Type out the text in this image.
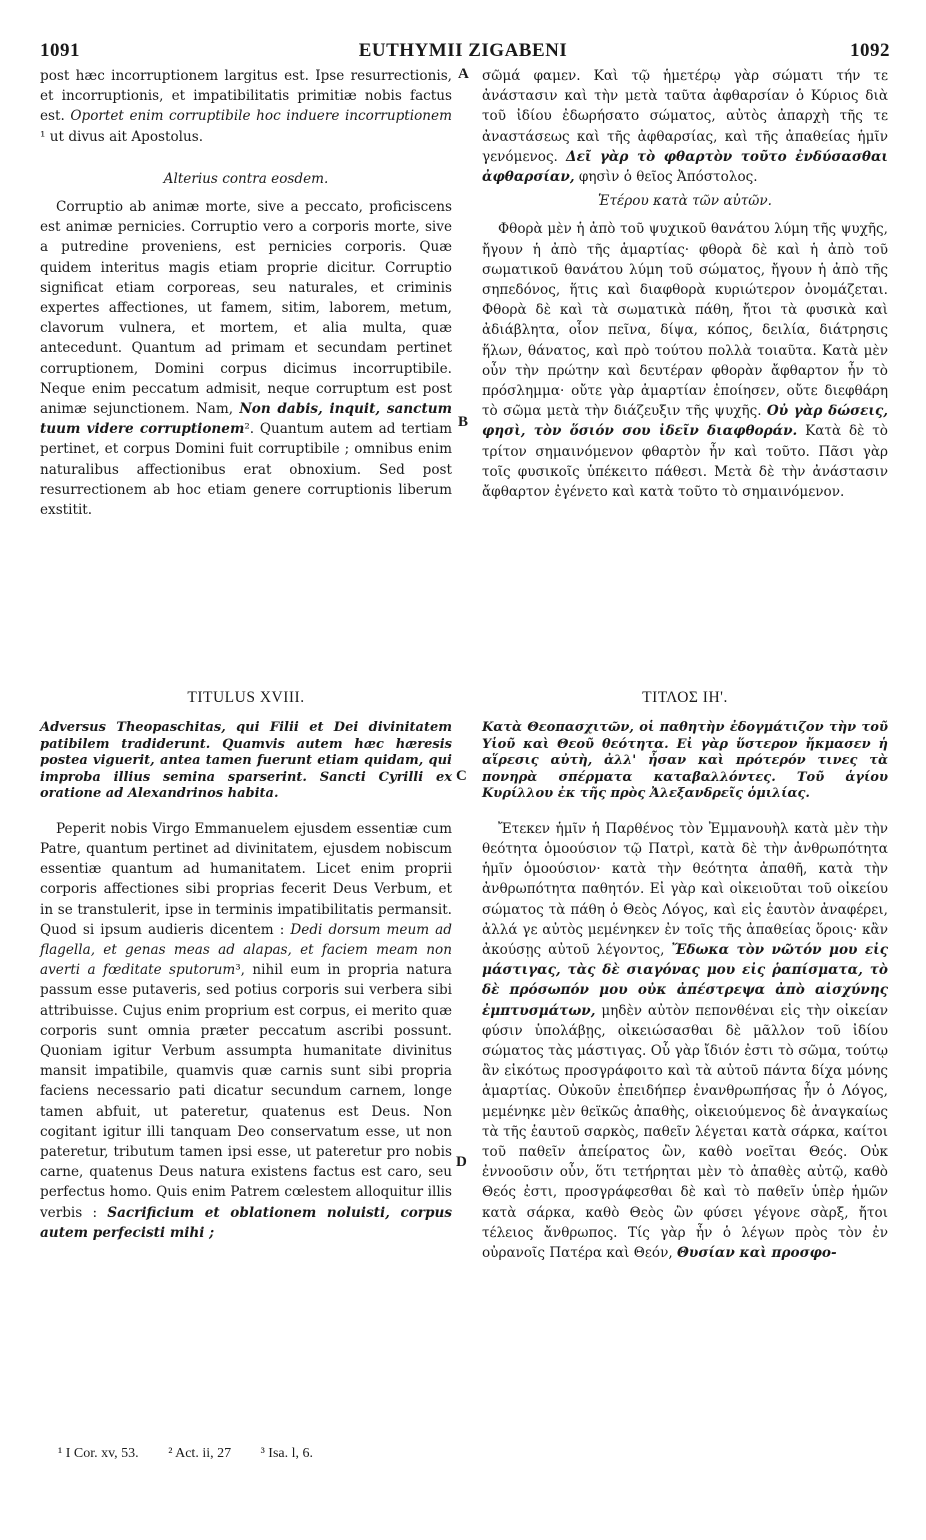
1091	EUTHYMII ZIGABENI	1092
A
B
C
D

post hæc incorruptionem largitus est. Ipse resurrectionis, et incorruptionis, et impatibilitatis primitiæ nobis factus est. Oportet enim corruptibile hoc induere incorruptionem ¹ ut divus ait Apostolus.

Alterius contra eosdem.

Corruptio ab animæ morte, sive a peccato, proficiscens est animæ pernicies. Corruptio vero a corporis morte, sive a putredine proveniens, est pernicies corporis. Quæ quidem interitus magis etiam proprie dicitur. Corruptio significat etiam corporeas, seu naturales, et criminis expertes affectiones, ut famem, sitim, laborem, metum, clavorum vulnera, et mortem, et alia multa, quæ antecedunt. Quantum ad primam et secundam pertinet corruptionem, Domini corpus dicimus incorruptibile. Neque enim peccatum admisit, neque corruptum est post animæ sejunctionem. Nam, Non dabis, inquit, sanctum tuum videre corruptionem². Quantum autem ad tertiam pertinet, et corpus Domini fuit corruptibile ; omnibus enim naturalibus affectionibus erat obnoxium. Sed post resurrectionem ab hoc etiam genere corruptionis liberum exstitit.

TITULUS XVIII.

Adversus Theopaschitas, qui Filii et Dei divinitatem patibilem tradiderunt. Quamvis autem hæc hæresis postea viguerit, antea tamen fuerunt etiam quidam, qui improba illius semina sparserint. Sancti Cyrilli ex oratione ad Alexandrinos habita.

Peperit nobis Virgo Emmanuelem ejusdem essentiæ cum Patre, quantum pertinet ad divinitatem, ejusdem nobiscum essentiæ quantum ad humanitatem. Licet enim proprii corporis affectiones sibi proprias fecerit Deus Verbum, et in se transtulerit, ipse in terminis impatibilitatis permansit. Quod si ipsum audieris dicentem : Dedi dorsum meum ad flagella, et genas meas ad alapas, et faciem meam non averti a fœditate sputorum³, nihil eum in propria natura passum esse putaveris, sed potius corporis sui verbera sibi attribuisse. Cujus enim proprium est corpus, ei merito quæ corporis sunt omnia præter peccatum ascribi possunt. Quoniam igitur Verbum assumpta humanitate divinitus mansit impatibile, quamvis quæ carnis sunt sibi propria faciens necessario pati dicatur secundum carnem, longe tamen abfuit, ut pateretur, quatenus est Deus. Non cogitant igitur illi tanquam Deo conservatum esse, ut non pateretur, tributum tamen ipsi esse, ut pateretur pro nobis carne, quatenus Deus natura existens factus est caro, seu perfectus homo. Quis enim Patrem cœlestem alloquitur illis verbis : Sacrificium et oblationem noluisti, corpus autem perfecisti mihi ;

σῶμά φαμεν. Καὶ τῷ ἡμετέρῳ γὰρ σώματι τήν τε ἀνάστασιν καὶ τὴν μετὰ ταῦτα ἀφθαρσίαν ὁ Κύριος διὰ τοῦ ἰδίου ἐδωρήσατο σώματος, αὐτὸς ἀπαρχὴ τῆς τε ἀναστάσεως καὶ τῆς ἀφθαρσίας, καὶ τῆς ἀπαθείας ἡμῖν γενόμενος. Δεῖ γὰρ τὸ φθαρτὸν τοῦτο ἐνδύσασθαι ἀφθαρσίαν, φησὶν ὁ θεῖος Ἀπόστολος.

Ἑτέρου κατὰ τῶν αὐτῶν.

Φθορὰ μὲν ἡ ἀπὸ τοῦ ψυχικοῦ θανάτου λύμη τῆς ψυχῆς, ἤγουν ἡ ἀπὸ τῆς ἁμαρτίας· φθορὰ δὲ καὶ ἡ ἀπὸ τοῦ σωματικοῦ θανάτου λύμη τοῦ σώματος, ἤγουν ἡ ἀπὸ τῆς σηπεδόνος, ἥτις καὶ διαφθορὰ κυριώτερον ὀνομάζεται. Φθορὰ δὲ καὶ τὰ σωματικὰ πάθη, ἤτοι τὰ φυσικὰ καὶ ἀδιάβλητα, οἷον πεῖνα, δίψα, κόπος, δειλία, διάτρησις ἥλων, θάνατος, καὶ πρὸ τούτου πολλὰ τοιαῦτα. Κατὰ μὲν οὖν τὴν πρώτην καὶ δευτέραν φθορὰν ἄφθαρτον ἦν τὸ πρόσλημμα· οὔτε γὰρ ἁμαρτίαν ἐποίησεν, οὔτε διεφθάρη τὸ σῶμα μετὰ τὴν διάζευξιν τῆς ψυχῆς. Οὐ γὰρ δώσεις, φησὶ, τὸν ὅσιόν σου ἰδεῖν διαφθοράν. Κατὰ δὲ τὸ τρίτον σημαινόμενον φθαρτὸν ἦν καὶ τοῦτο. Πᾶσι γὰρ τοῖς φυσικοῖς ὑπέκειτο πάθεσι. Μετὰ δὲ τὴν ἀνάστασιν ἄφθαρτον ἐγένετο καὶ κατὰ τοῦτο τὸ σημαινόμενον.

ΤΙΤΛΟΣ ΙΗ'.

Κατὰ Θεοπασχιτῶν, οἱ παθητὴν ἐδογμάτιζον τὴν τοῦ Υἱοῦ καὶ Θεοῦ θεότητα. Εἰ γὰρ ὕστερον ἤκμασεν ἡ αἵρεσις αὐτὴ, ἀλλ' ἦσαν καὶ πρότερόν τινες τὰ πονηρὰ σπέρματα καταβαλλόντες. Τοῦ ἁγίου Κυρίλλου ἐκ τῆς πρὸς Ἀλεξανδρεῖς ὁμιλίας.

Ἔτεκεν ἡμῖν ἡ Παρθένος τὸν Ἐμμανουὴλ κατὰ μὲν τὴν θεότητα ὁμοούσιον τῷ Πατρὶ, κατὰ δὲ τὴν ἀνθρωπότητα ἡμῖν ὁμοούσιον· κατὰ τὴν θεότητα ἀπαθῆ, κατὰ τὴν ἀνθρωπότητα παθητόν. Εἰ γὰρ καὶ οἰκειοῦται τοῦ οἰκείου σώματος τὰ πάθη ὁ Θεὸς Λόγος, καὶ εἰς ἑαυτὸν ἀναφέρει, ἀλλά γε αὐτὸς μεμένηκεν ἐν τοῖς τῆς ἀπαθείας ὅροις· κἂν ἀκούσῃς αὐτοῦ λέγοντος, Ἔδωκα τὸν νῶτόν μου εἰς μάστιγας, τὰς δὲ σιαγόνας μου εἰς ῥαπίσματα, τὸ δὲ πρόσωπόν μου οὐκ ἀπέστρεψα ἀπὸ αἰσχύνης ἐμπτυσμάτων, μηδὲν αὐτὸν πεπονθέναι εἰς τὴν οἰκείαν φύσιν ὑπολάβῃς, οἰκειώσασθαι δὲ μᾶλλον τοῦ ἰδίου σώματος τὰς μάστιγας. Οὗ γὰρ ἴδιόν ἐστι τὸ σῶμα, τούτῳ ἂν εἰκότως προσγράφοιτο καὶ τὰ αὐτοῦ πάντα δίχα μόνης ἁμαρτίας. Οὐκοῦν ἐπειδήπερ ἐνανθρωπήσας ἦν ὁ Λόγος, μεμένηκε μὲν θεϊκῶς ἀπαθὴς, οἰκειούμενος δὲ ἀναγκαίως τὰ τῆς ἑαυτοῦ σαρκὸς, παθεῖν λέγεται κατὰ σάρκα, καίτοι τοῦ παθεῖν ἀπείρατος ὢν, καθὸ νοεῖται Θεός. Οὐκ ἐννοοῦσιν οὖν, ὅτι τετήρηται μὲν τὸ ἀπαθὲς αὐτῷ, καθὸ Θεός ἐστι, προσγράφεσθαι δὲ καὶ τὸ παθεῖν ὑπὲρ ἡμῶν κατὰ σάρκα, καθὸ Θεὸς ὢν φύσει γέγονε σὰρξ, ἤτοι τέλειος ἄνθρωπος. Τίς γὰρ ἦν ὁ λέγων πρὸς τὸν ἐν οὐρανοῖς Πατέρα καὶ Θεόν, Θυσίαν καὶ προσφο-

¹ I Cor. xv, 53. ² Act. ii, 27 ³ Isa. l, 6.
